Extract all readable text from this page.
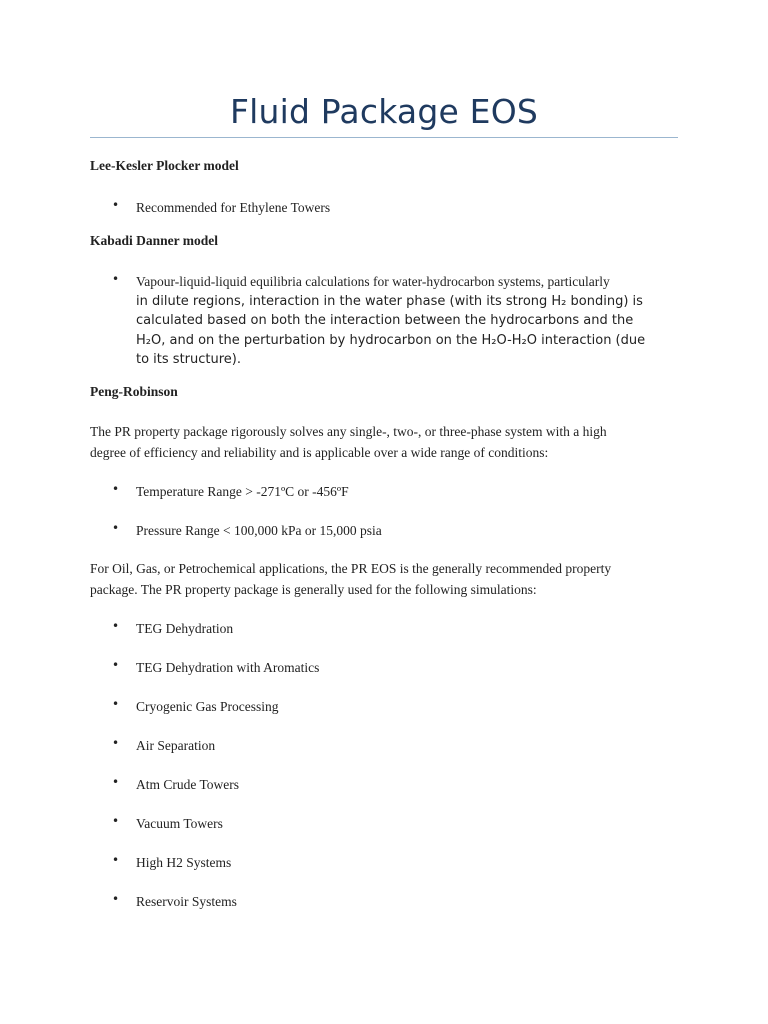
Fluid Package EOS

Lee-Kesler Plocker model

• Recommended for Ethylene Towers

Kabadi Danner model

• Vapour-liquid-liquid equilibria calculations for water-hydrocarbon systems, particularly
in dilute regions, interaction in the water phase (with its strong H₂ bonding) is
calculated based on both the interaction between the hydrocarbons and the
H₂O, and on the perturbation by hydrocarbon on the H₂O-H₂O interaction (due
to its structure).

Peng-Robinson

The PR property package rigorously solves any single-, two-, or three-phase system with a high
degree of efficiency and reliability and is applicable over a wide range of conditions:
• Temperature Range > -271ºC or -456ºF
• Pressure Range < 100,000 kPa or 15,000 psia
For Oil, Gas, or Petrochemical applications, the PR EOS is the generally recommended property
package. The PR property package is generally used for the following simulations:
• TEG Dehydration
• TEG Dehydration with Aromatics
• Cryogenic Gas Processing
• Air Separation
• Atm Crude Towers
• Vacuum Towers
• High H2 Systems
• Reservoir Systems
